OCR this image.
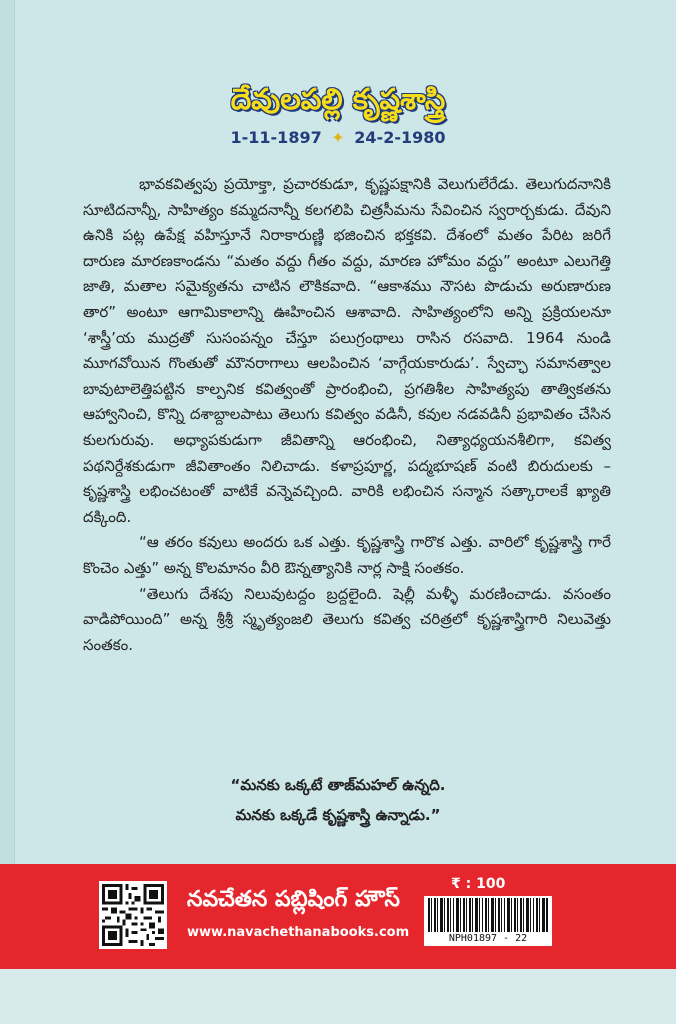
దేవులపల్లి కృష్ణశాస్త్రి
1-11-1897 ✦ 24-2-1980

భావకవిత్వపు ప్రయోక్తా, ప్రచారకుడూ, కృష్ణపక్షానికి వెలుగులేరేడు. తెలుగుదనానికి సూటిదనాన్నీ, సాహిత్యం కమ్మదనాన్నీ కలగలిపి చిత్రసీమను సేవించిన స్వరార్చకుడు. దేవుని ఉనికి పట్ల ఉపేక్ష వహిస్తూనే నిరాకారుణ్ణి భజించిన భక్తకవి. దేశంలో మతం పేరిట జరిగే దారుణ మారణకాండను “మతం వద్దు గీతం వద్దు, మారణ హోమం వద్దు” అంటూ ఎలుగెత్తి జాతి, మతాల సమైక్యతను చాటిన లౌకికవాది. “ఆకాశము నౌసట పొడుచు అరుణారుణ తార” అంటూ ఆగామికాలాన్ని ఊహించిన ఆశావాది. సాహిత్యంలోని అన్ని ప్రక్రియలనూ ‘శాస్త్రీ’య ముద్రతో సుసంపన్నం చేస్తూ పలుగ్రంథాలు రాసిన రసవాది. 1964 నుండి మూగవోయిన గొంతుతో మౌనరాగాలు ఆలపించిన ‘వాగ్గేయకారుడు’. స్వేచ్ఛా సమానత్వాల బావుటాలెత్తిపట్టిన కాల్పనిక కవిత్వంతో ప్రారంభించి, ప్రగతిశీల సాహిత్యపు తాత్వికతను ఆహ్వానించి, కొన్ని దశాబ్దాలపాటు తెలుగు కవిత్వం వడినీ, కవుల నడవడినీ ప్రభావితం చేసిన కులగురువు. అధ్యాపకుడుగా జీవితాన్ని ఆరంభించి, నిత్యాధ్యయనశీలిగా, కవిత్వ పథనిర్దేశకుడుగా జీవితాంతం నిలిచాడు. కళాప్రపూర్ణ, పద్మభూషణ్ వంటి బిరుదులకు – కృష్ణశాస్త్రి లభించటంతో వాటికే వన్నెవచ్చింది. వారికి లభించిన సన్మాన సత్కారాలకే ఖ్యాతి దక్కింది.

“ఆ తరం కవులు అందరు ఒక ఎత్తు. కృష్ణశాస్త్రి గారొక ఎత్తు. వారిలో కృష్ణశాస్త్రి గారే కొంచెం ఎత్తు” అన్న కొలమానం వీరి ఔన్నత్యానికి నార్ల సాక్షి సంతకం.

“తెలుగు దేశపు నిలువుటద్దం బ్రద్దలైంది. షెల్లీ మళ్ళీ మరణించాడు. వసంతం వాడిపోయింది” అన్న శ్రీశ్రీ స్మృత్యంజలి తెలుగు కవిత్వ చరిత్రలో కృష్ణశాస్త్రిగారి నిలువెత్తు సంతకం.

“మనకు ఒక్కటే తాజ్‌మహల్ ఉన్నది.
మనకు ఒక్కడే కృష్ణశాస్త్రి ఉన్నాడు.”
నవచేతన పబ్లిషింగ్ హౌస్
www.navachethanabooks.com
₹ : 100
NPH01897 - 22
